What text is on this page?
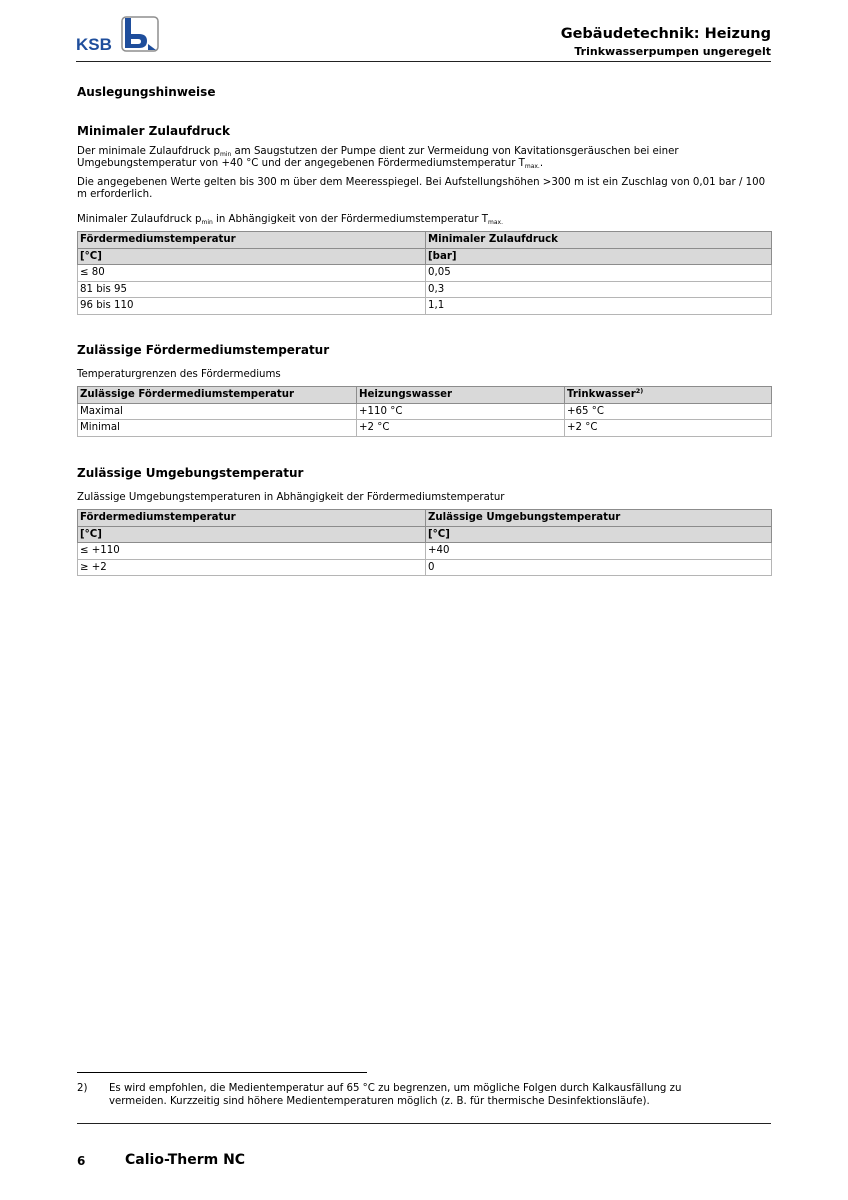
KSB
Gebäudetechnik: Heizung
Trinkwasserpumpen ungeregelt
Auslegungshinweise
Minimaler Zulaufdruck
Der minimale Zulaufdruck pmin am Saugstutzen der Pumpe dient zur Vermeidung von Kavitationsgeräuschen bei einer Umgebungstemperatur von +40 °C und der angegebenen Fördermediumstemperatur Tmax..
Die angegebenen Werte gelten bis 300 m über dem Meeresspiegel. Bei Aufstellungshöhen >300 m ist ein Zuschlag von 0,01 bar / 100 m erforderlich.
Minimaler Zulaufdruck pmin in Abhängigkeit von der Fördermediumstemperatur Tmax.
Fördermediumstemperatur	Minimaler Zulaufdruck
[°C]	[bar]
≤ 80	0,05
81 bis 95	0,3
96 bis 110	1,1
Zulässige Fördermediumstemperatur
Temperaturgrenzen des Fördermediums
Zulässige Fördermediumstemperatur	Heizungswasser	Trinkwasser$^{2)}$
Maximal	+110 °C	+65 °C
Minimal	+2 °C	+2 °C
Zulässige Umgebungstemperatur
Zulässige Umgebungstemperaturen in Abhängigkeit der Fördermediumstemperatur
Fördermediumstemperatur	Zulässige Umgebungstemperatur
[°C]	[°C]
≤ +110	+40
≥ +2	0
2) Es wird empfohlen, die Medientemperatur auf 65 °C zu begrenzen, um mögliche Folgen durch Kalkausfällung zu vermeiden. Kurzzeitig sind höhere Medientemperaturen möglich (z. B. für thermische Desinfektionsläufe).
6	Calio-Therm NC
